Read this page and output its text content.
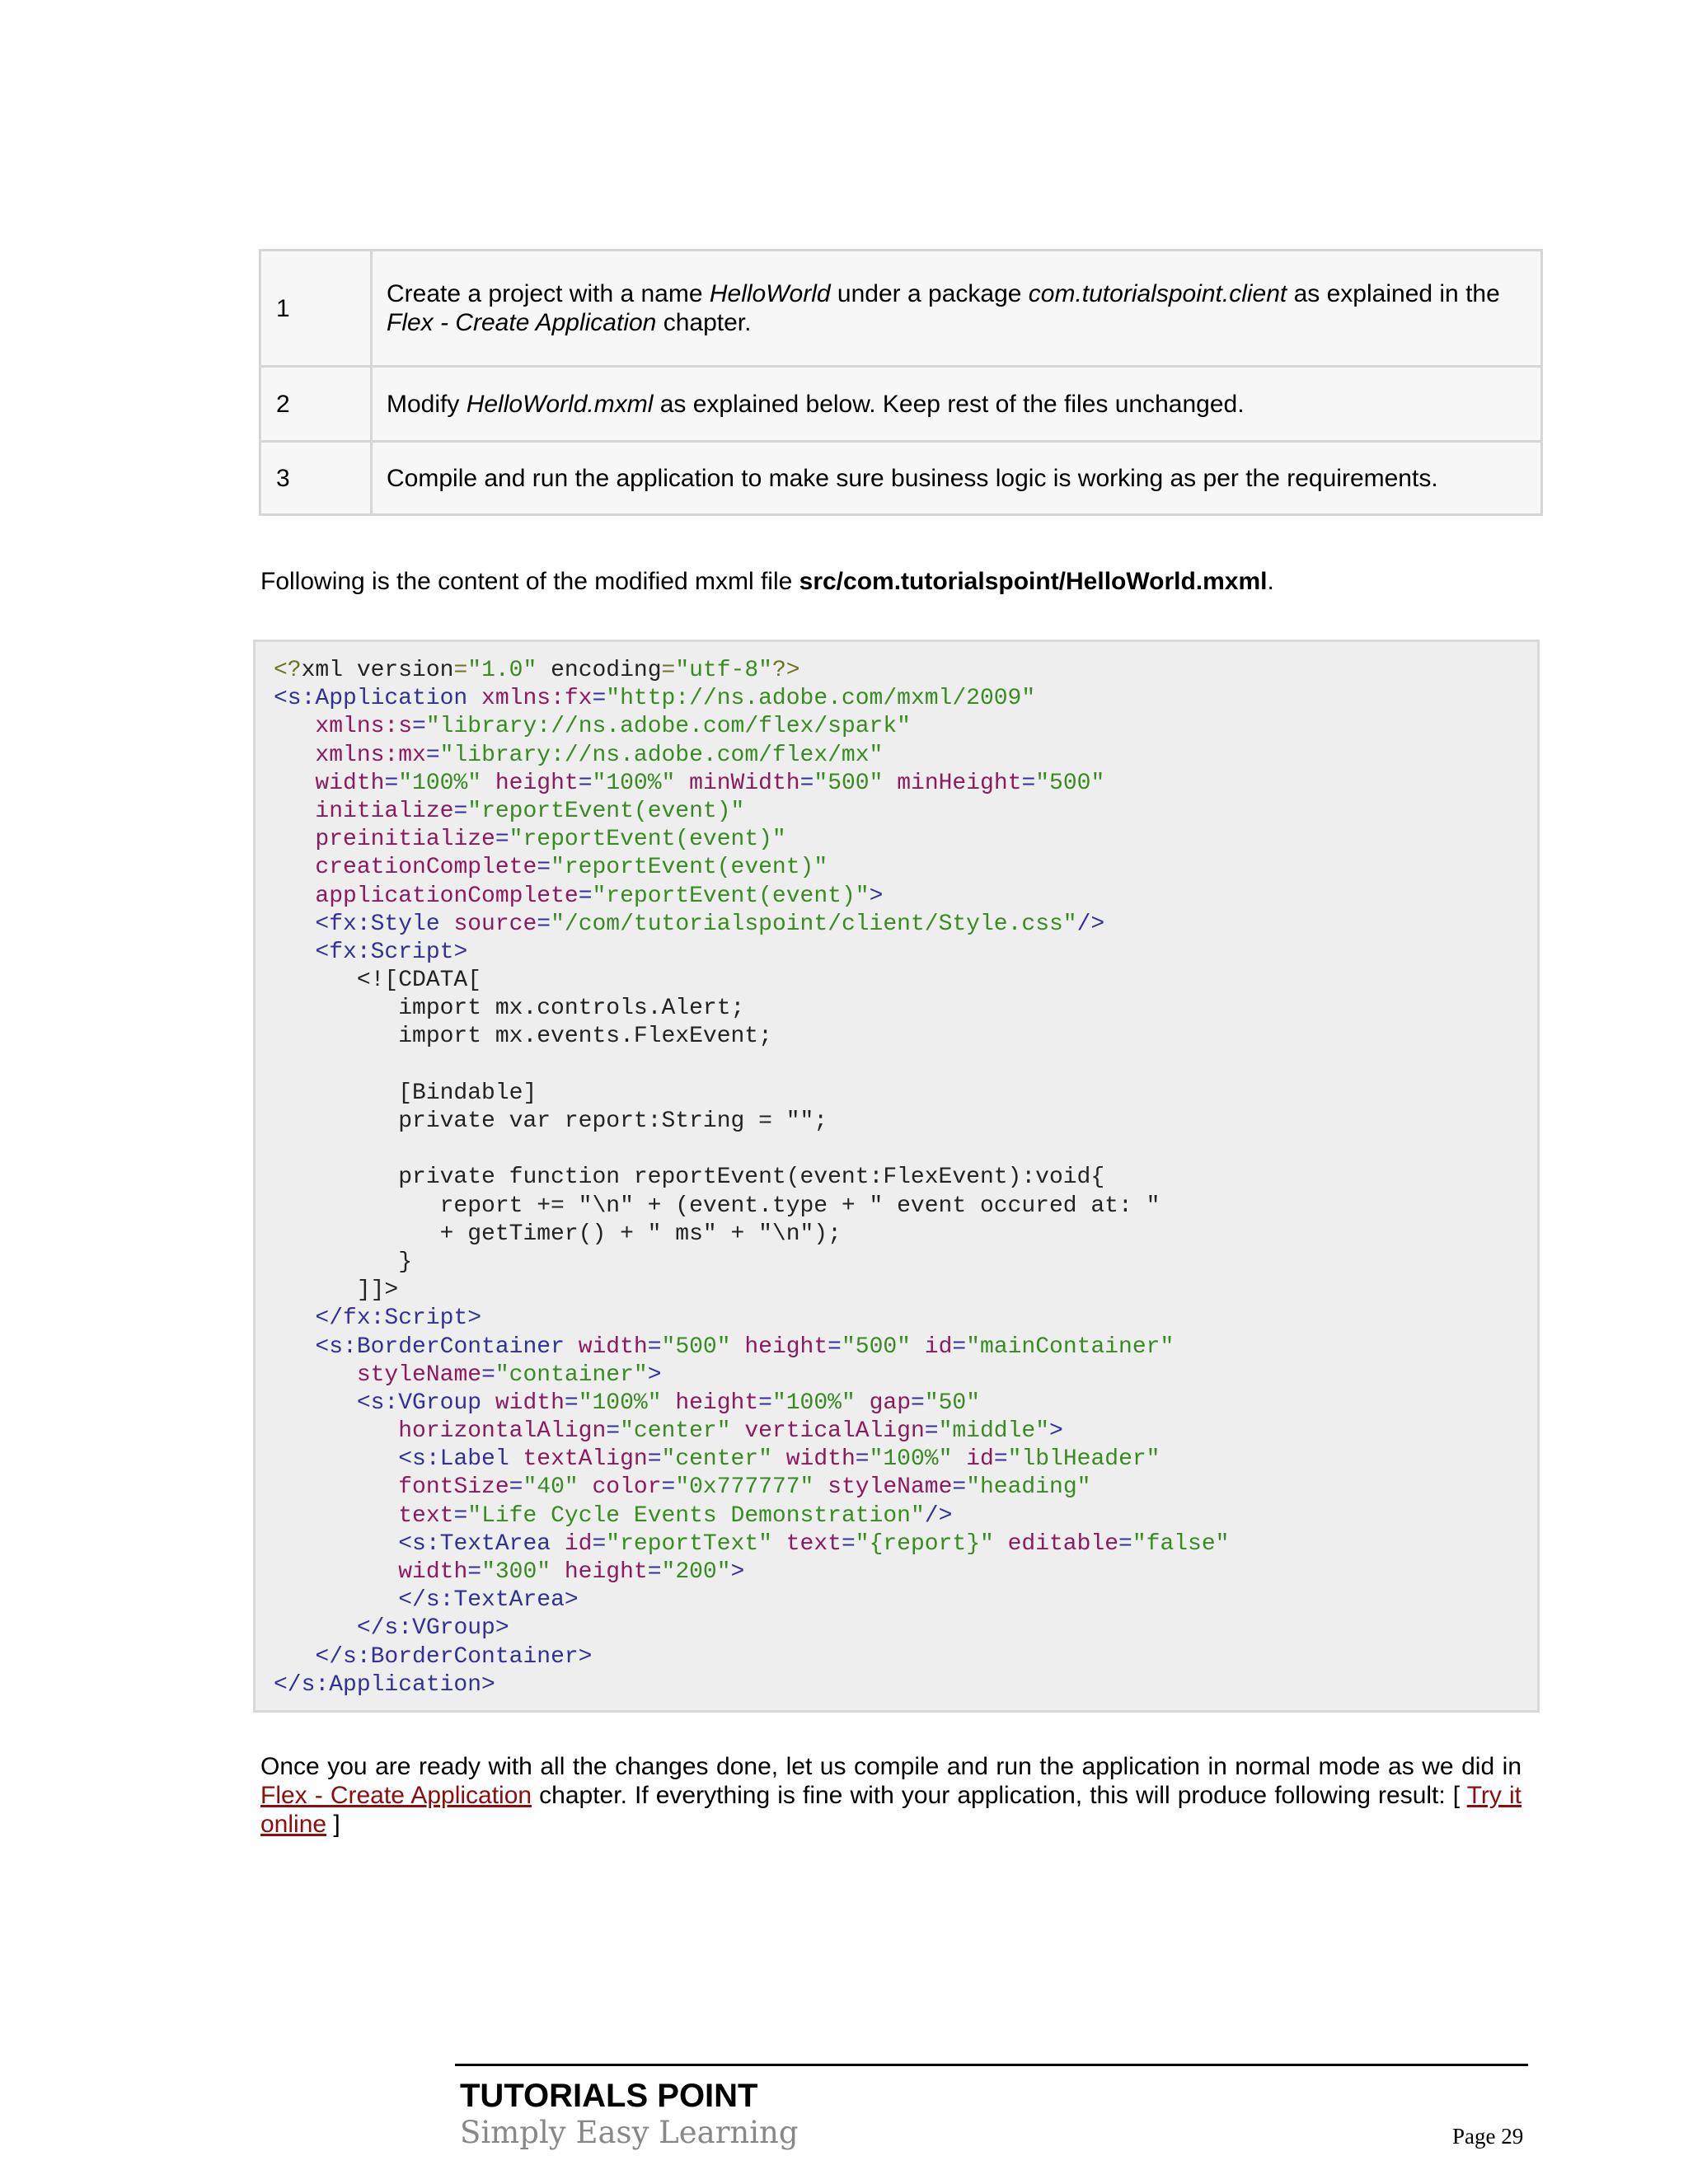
1	Create a project with a name HelloWorld under a package com.tutorialspoint.client as explained in the Flex - Create Application chapter.
2	Modify HelloWorld.mxml as explained below. Keep rest of the files unchanged.
3	Compile and run the application to make sure business logic is working as per the requirements.
Following is the content of the modified mxml file src/com.tutorialspoint/HelloWorld.mxml.
<?xml version="1.0" encoding="utf-8"?>
<s:Application xmlns:fx="http://ns.adobe.com/mxml/2009"
xmlns:s="library://ns.adobe.com/flex/spark"
xmlns:mx="library://ns.adobe.com/flex/mx"
width="100%" height="100%" minWidth="500" minHeight="500"
initialize="reportEvent(event)"
preinitialize="reportEvent(event)"
creationComplete="reportEvent(event)"
applicationComplete="reportEvent(event)">
<fx:Style source="/com/tutorialspoint/client/Style.css"/>
<fx:Script>
<![CDATA[
import mx.controls.Alert;
import mx.events.FlexEvent;

[Bindable]
private var report:String = "";

private function reportEvent(event:FlexEvent):void{
report += "\n" + (event.type + " event occured at: "
+ getTimer() + " ms" + "\n");
}
]]>
</fx:Script>
<s:BorderContainer width="500" height="500" id="mainContainer"
styleName="container">
<s:VGroup width="100%" height="100%" gap="50"
horizontalAlign="center" verticalAlign="middle">
<s:Label textAlign="center" width="100%" id="lblHeader"
fontSize="40" color="0x777777" styleName="heading"
text="Life Cycle Events Demonstration"/>
<s:TextArea id="reportText" text="{report}" editable="false"
width="300" height="200">
</s:TextArea>
</s:VGroup>
</s:BorderContainer>
</s:Application>
Once you are ready with all the changes done, let us compile and run the application in normal mode as we did in Flex - Create Application chapter. If everything is fine with your application, this will produce following result: [ Try it online ]
TUTORIALS POINT
Simply Easy Learning	Page 29
